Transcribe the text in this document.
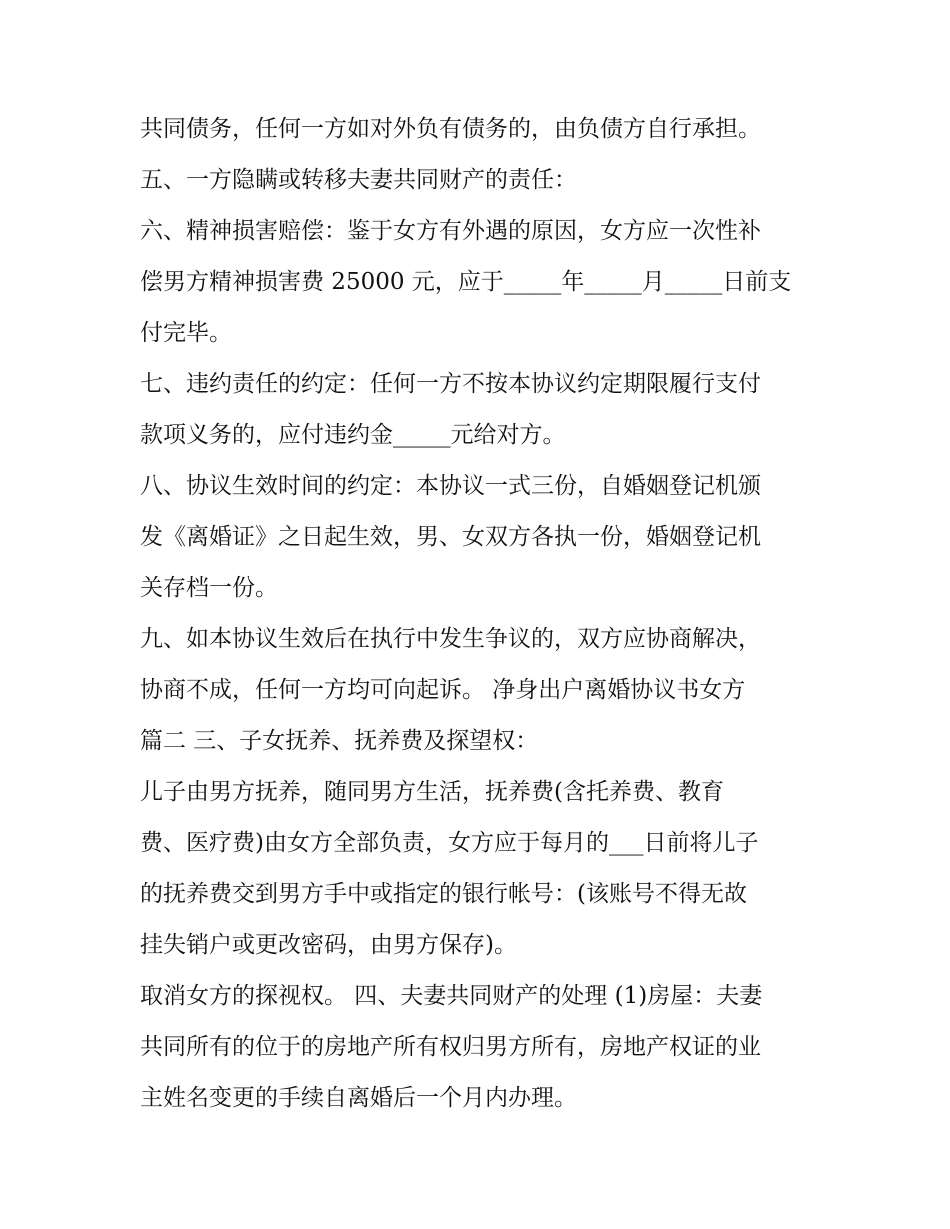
共同债务，任何一方如对外负有债务的，由负债方自行承担。
五、一方隐瞒或转移夫妻共同财产的责任：
六、精神损害赔偿：鉴于女方有外遇的原因，女方应一次性补
偿男方精神损害费 25000 元，应于_____年_____月_____日前支
付完毕。
七、违约责任的约定：任何一方不按本协议约定期限履行支付
款项义务的，应付违约金_____元给对方。
八、协议生效时间的约定：本协议一式三份，自婚姻登记机颁
发《离婚证》之日起生效，男、女双方各执一份，婚姻登记机
关存档一份。
九、如本协议生效后在执行中发生争议的，双方应协商解决，
协商不成，任何一方均可向起诉。 净身出户离婚协议书女方
篇二 三、子女抚养、抚养费及探望权：
儿子由男方抚养，随同男方生活，抚养费(含托养费、教育
费、医疗费)由女方全部负责，女方应于每月的___日前将儿子
的抚养费交到男方手中或指定的银行帐号：(该账号不得无故
挂失销户或更改密码，由男方保存)。
取消女方的探视权。 四、夫妻共同财产的处理 (1)房屋：夫妻
共同所有的位于的房地产所有权归男方所有，房地产权证的业
主姓名变更的手续自离婚后一个月内办理。
